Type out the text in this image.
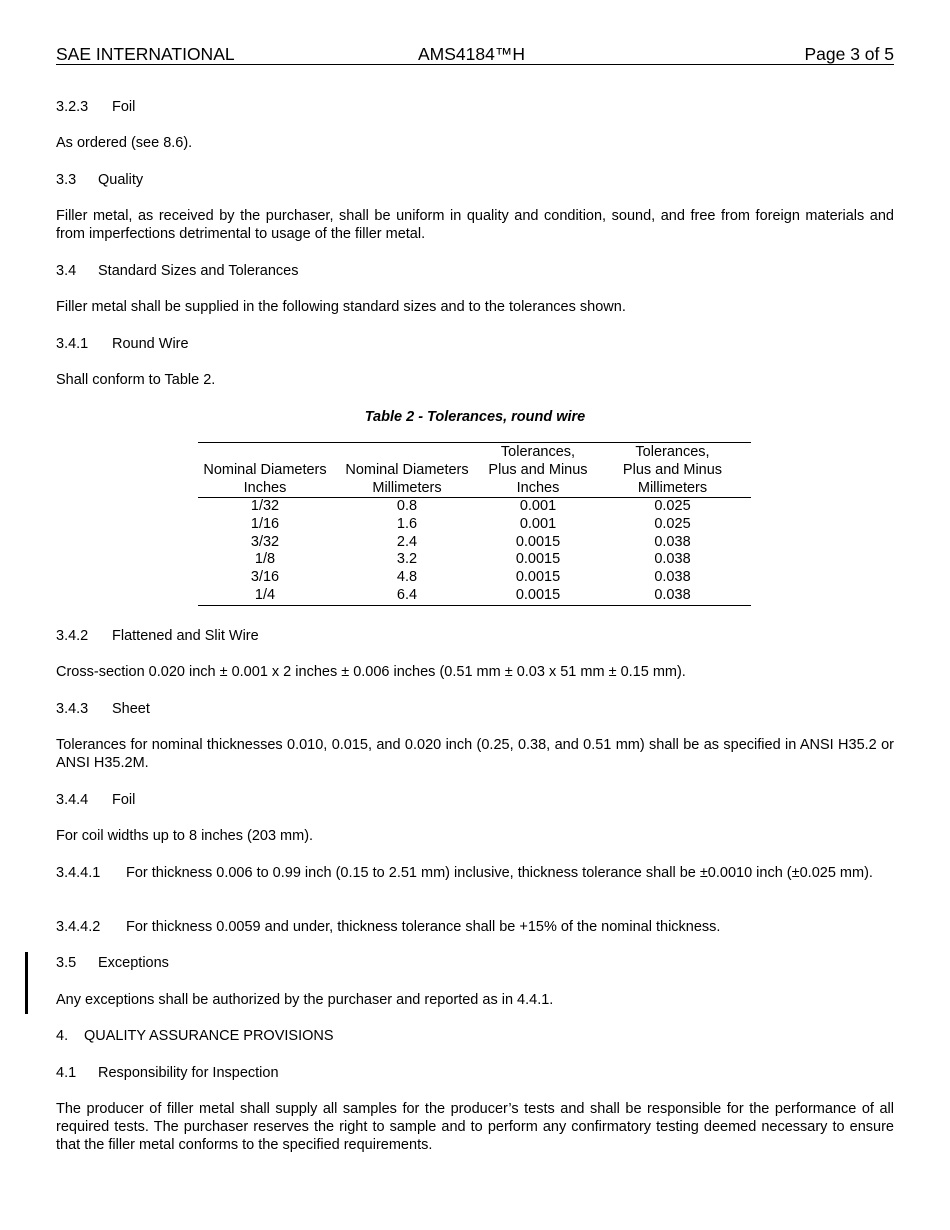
SAE INTERNATIONAL	AMS4184™H	Page 3 of 5
3.2.3 Foil
As ordered (see 8.6).
3.3 Quality
Filler metal, as received by the purchaser, shall be uniform in quality and condition, sound, and free from foreign materials and from imperfections detrimental to usage of the filler metal.
3.4 Standard Sizes and Tolerances
Filler metal shall be supplied in the following standard sizes and to the tolerances shown.
3.4.1 Round Wire
Shall conform to Table 2.
Table 2 - Tolerances, round wire
		Tolerances,	Tolerances,
Nominal Diameters	Nominal Diameters	Plus and Minus	Plus and Minus
Inches	Millimeters	Inches	Millimeters
1/32	0.8	0.001	0.025
1/16	1.6	0.001	0.025
3/32	2.4	0.0015	0.038
1/8	3.2	0.0015	0.038
3/16	4.8	0.0015	0.038
1/4	6.4	0.0015	0.038
3.4.2 Flattened and Slit Wire
Cross-section 0.020 inch ± 0.001 x 2 inches ± 0.006 inches (0.51 mm ± 0.03 x 51 mm ± 0.15 mm).
3.4.3 Sheet
Tolerances for nominal thicknesses 0.010, 0.015, and 0.020 inch (0.25, 0.38, and 0.51 mm) shall be as specified in ANSI H35.2 or ANSI H35.2M.
3.4.4 Foil
For coil widths up to 8 inches (203 mm).
3.4.4.1 For thickness 0.006 to 0.99 inch (0.15 to 2.51 mm) inclusive, thickness tolerance shall be ±0.0010 inch (±0.025 mm).
3.4.4.2 For thickness 0.0059 and under, thickness tolerance shall be +15% of the nominal thickness.
3.5 Exceptions
Any exceptions shall be authorized by the purchaser and reported as in 4.4.1.
4. QUALITY ASSURANCE PROVISIONS
4.1 Responsibility for Inspection
The producer of filler metal shall supply all samples for the producer’s tests and shall be responsible for the performance of all required tests. The purchaser reserves the right to sample and to perform any confirmatory testing deemed necessary to ensure that the filler metal conforms to the specified requirements.
